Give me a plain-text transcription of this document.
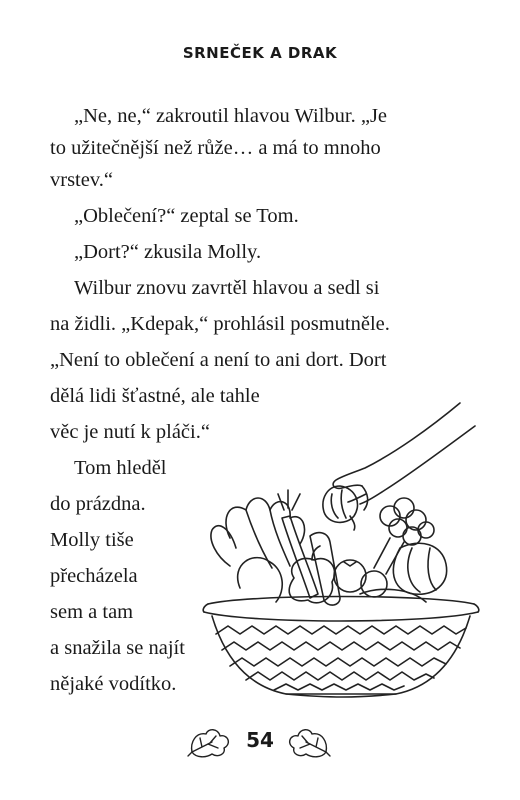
SRNEČEK A DRAK
„Ne, ne,“ zakroutil hlavou Wilbur. „Je
to užitečnější než růže… a má to mnoho
vrstev.“
„Oblečení?“ zeptal se Tom.
„Dort?“ zkusila Molly.
Wilbur znovu zavrtěl hlavou a sedl si
na židli. „Kdepak,“ prohlásil posmutněle.
„Není to oblečení a není to ani dort. Dort
dělá lidi šťastné, ale tahle
věc je nutí k pláči.“
Tom hleděl
do prázdna.
Molly tiše
přecházela
sem a tam
a snažila se najít
nějaké vodítko.
54
